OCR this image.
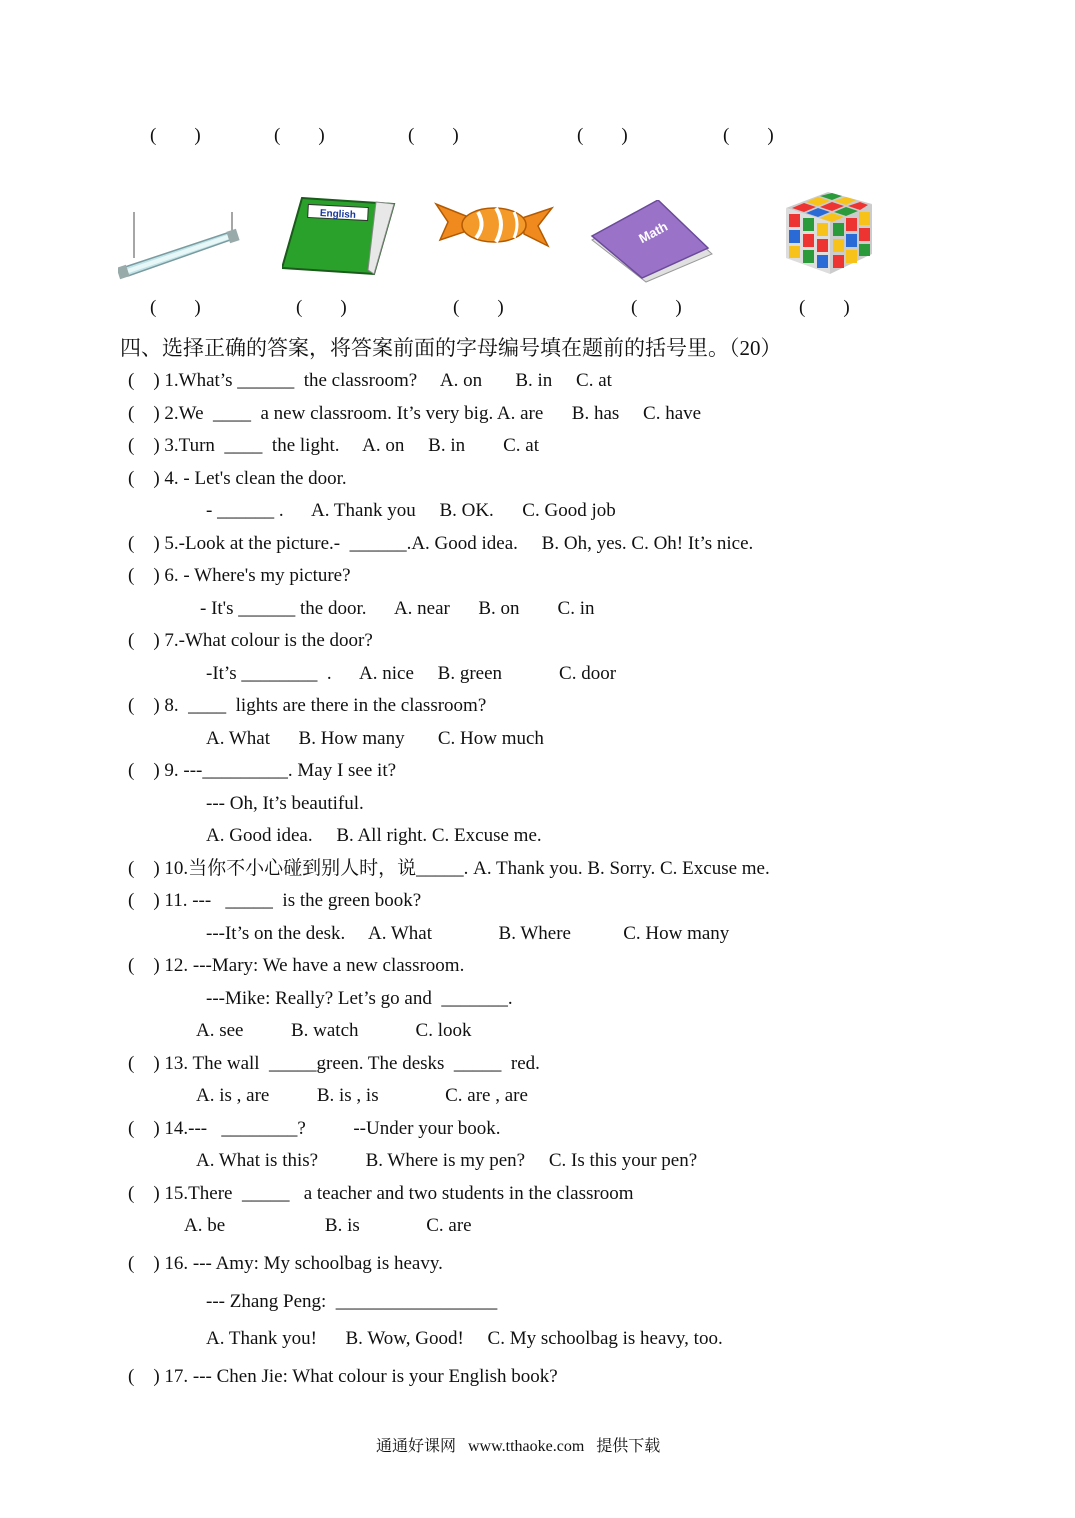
(        )	(        )	(        )	(        )	(        )
English
Math
(        )	(        )	(        )	(        )	(        )
四、选择正确的答案，将答案前面的字母编号填在题前的括号里。（20）
(    ) 1.What’s ______  the classroom?     A. on       B. in     C. at
(    ) 2.We  ____  a new classroom. It’s very big. A. are      B. has     C. have
(    ) 3.Turn  ____  the light.     A. on     B. in        C. at
(    ) 4. - Let's clean the door.
- ______ .      A. Thank you     B. OK.      C. Good job
(    ) 5.-Look at the picture.-  ______.A. Good idea.     B. Oh, yes. C. Oh! It’s nice.
(    ) 6. - Where's my picture?
- It's ______ the door.      A. near      B. on        C. in
(    ) 7.-What colour is the door?
-It’s ________  .      A. nice     B. green            C. door
(    ) 8.  ____  lights are there in the classroom?
A. What      B. How many       C. How much
(    ) 9. ---_________. May I see it?
--- Oh, It’s beautiful.
A. Good idea.     B. All right. C. Excuse me.
(    ) 10.当你不小心碰到别人时，说_____. A. Thank you. B. Sorry. C. Excuse me.
(    ) 11. ---   _____  is the green book?
---It’s on the desk.     A. What              B. Where           C. How many
(    ) 12. ---Mary: We have a new classroom.
---Mike: Really? Let’s go and  _______.
A. see          B. watch            C. look
(    ) 13. The wall  _____green. The desks  _____  red.
A. is , are          B. is , is              C. are , are
(    ) 14.---   ________?          --Under your book.
A. What is this?          B. Where is my pen?     C. Is this your pen?
(    ) 15.There  _____   a teacher and two students in the classroom
A. be                     B. is              C. are
(    ) 16. --- Amy: My schoolbag is heavy.
--- Zhang Peng:  _________________
A. Thank you!      B. Wow, Good!     C. My schoolbag is heavy, too.
(    ) 17. --- Chen Jie: What colour is your English book?
通通好课网   www.tthaoke.com   提供下载
